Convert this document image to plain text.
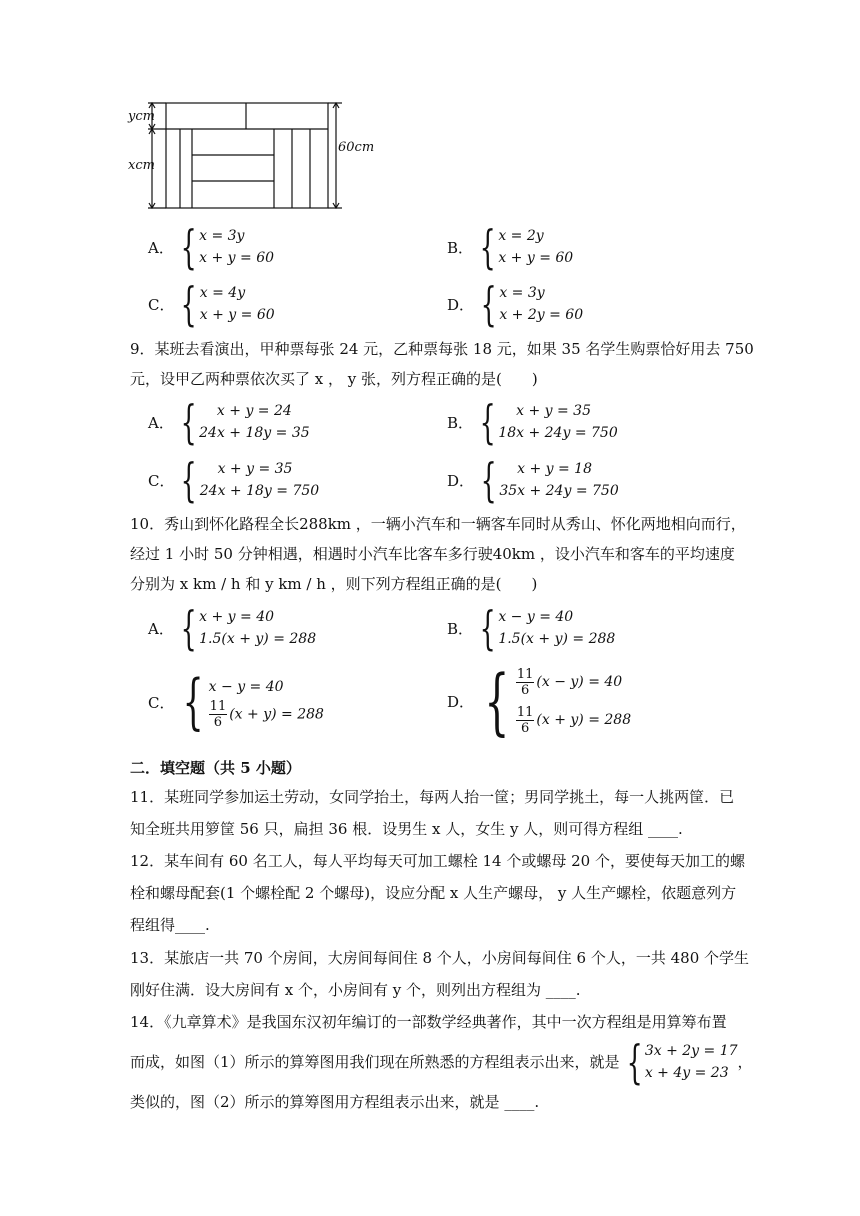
ycm
xcm
60cm
A． { x = 3y
x + y = 60
B． { x = 2y
x + y = 60
C． { x = 4y
x + y = 60
D． { x = 3y
x + 2y = 60
9．某班去看演出，甲种票每张 24 元，乙种票每张 18 元，如果 35 名学生购票恰好用去 750
元，设甲乙两种票依次买了 x ， y 张，列方程正确的是(　　)
A． { x + y = 24
24x + 18y = 35
B． { x + y = 35
18x + 24y = 750
C． { x + y = 35
24x + 18y = 750
D． { x + y = 18
35x + 24y = 750
10．秀山到怀化路程全长288km ，一辆小汽车和一辆客车同时从秀山、怀化两地相向而行，
经过 1 小时 50 分钟相遇，相遇时小汽车比客车多行驶40km ，设小汽车和客车的平均速度
分别为 x km / h 和 y km / h ，则下列方程组正确的是(　　)
A． { x + y = 40
1.5(x + y) = 288
B． { x − y = 40
1.5(x + y) = 288
C． { x − y = 40
$\frac{11}{6} (x + y) = 288$
D． { $\frac{11}{6} (x - y) = 40$
$\frac{11}{6} (x + y) = 288$
二．填空题（共 5 小题）
11．某班同学参加运土劳动，女同学抬土，每两人抬一筐；男同学挑土，每一人挑两筐．已
知全班共用箩筐 56 只，扁担 36 根．设男生 x 人，女生 y 人，则可得方程组 ____.
12．某车间有 60 名工人，每人平均每天可加工螺栓 14 个或螺母 20 个，要使每天加工的螺
栓和螺母配套(1 个螺栓配 2 个螺母)，设应分配 x 人生产螺母， y 人生产螺栓，依题意列方
程组得____.
13．某旅店一共 70 个房间，大房间每间住 8 个人，小房间每间住 6 个人，一共 480 个学生
刚好住满．设大房间有 x 个，小房间有 y 个，则列出方程组为 ____.
14．《九章算术》是我国东汉初年编订的一部数学经典著作，其中一次方程组是用算筹布置
而成，如图（1）所示的算筹图用我们现在所熟悉的方程组表示出来，就是 { 3x + 2y = 17
x + 4y = 23
，
类似的，图（2）所示的算筹图用方程组表示出来，就是 ____.
